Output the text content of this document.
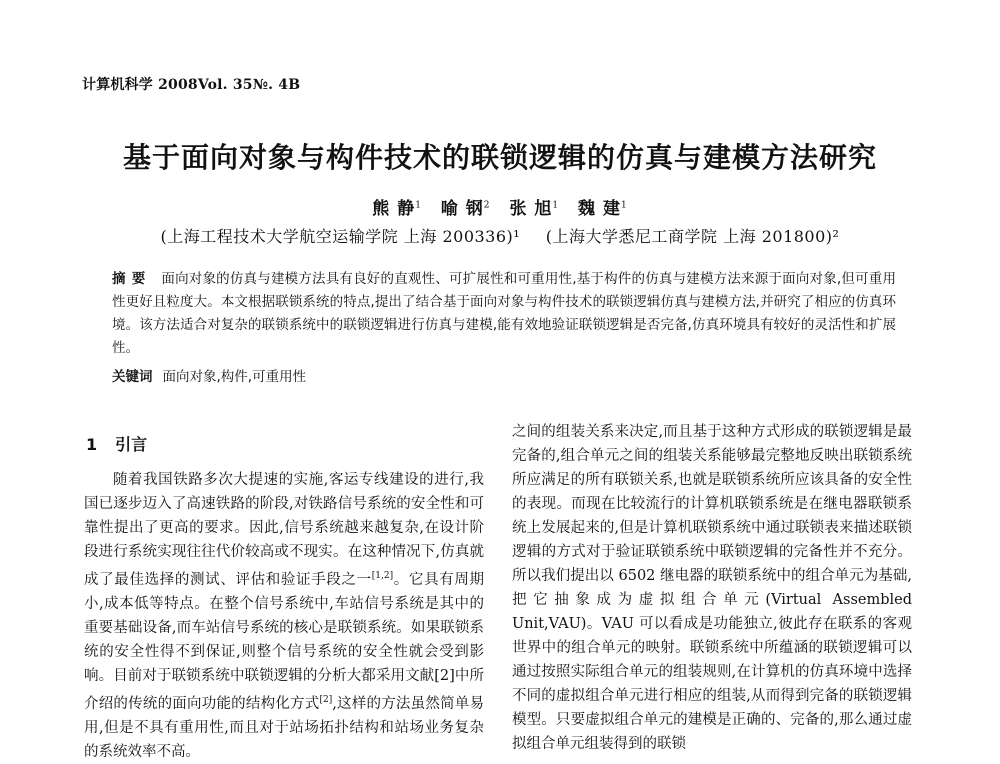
计算机科学 2008Vol. 35№. 4B
基于面向对象与构件技术的联锁逻辑的仿真与建模方法研究
熊 静$^1$ 喻 钢$^2$ 张 旭$^1$ 魏 建$^1$
(上海工程技术大学航空运输学院 上海 200336)¹ (上海大学悉尼工商学院 上海 201800)²
摘要 面向对象的仿真与建模方法具有良好的直观性、可扩展性和可重用性,基于构件的仿真与建模方法来源于面向对象,但可重用性更好且粒度大。本文根据联锁系统的特点,提出了结合基于面向对象与构件技术的联锁逻辑仿真与建模方法,并研究了相应的仿真环境。该方法适合对复杂的联锁系统中的联锁逻辑进行仿真与建模,能有效地验证联锁逻辑是否完备,仿真环境具有较好的灵活性和扩展性。
关键词 面向对象,构件,可重用性
1 引言

随着我国铁路多次大提速的实施,客运专线建设的进行,我国已逐步迈入了高速铁路的阶段,对铁路信号系统的安全性和可靠性提出了更高的要求。因此,信号系统越来越复杂,在设计阶段进行系统实现往往代价较高或不现实。在这种情况下,仿真就成了最佳选择的测试、评估和验证手段之一[1,2]。它具有周期小,成本低等特点。在整个信号系统中,车站信号系统是其中的重要基础设备,而车站信号系统的核心是联锁系统。如果联锁系统的安全性得不到保证,则整个信号系统的安全性就会受到影响。目前对于联锁系统中联锁逻辑的分析大都采用文献[2]中所介绍的传统的面向功能的结构化方式[2],这样的方法虽然简单易用,但是不具有重用性,而且对于站场拓扑结构和站场业务复杂的系统效率不高。

之间的组装关系来决定,而且基于这种方式形成的联锁逻辑是最完备的,组合单元之间的组装关系能够最完整地反映出联锁系统所应满足的所有联锁关系,也就是联锁系统所应该具备的安全性的表现。而现在比较流行的计算机联锁系统是在继电器联锁系统上发展起来的,但是计算机联锁系统中通过联锁表来描述联锁逻辑的方式对于验证联锁系统中联锁逻辑的完备性并不充分。所以我们提出以 6502 继电器的联锁系统中的组合单元为基础,把它抽象成为虚拟组合单元(Virtual Assembled Unit,VAU)。VAU 可以看成是功能独立,彼此存在联系的客观世界中的组合单元的映射。联锁系统中所蕴涵的联锁逻辑可以通过按照实际组合单元的组装规则,在计算机的仿真环境中选择不同的虚拟组合单元进行相应的组装,从而得到完备的联锁逻辑模型。只要虚拟组合单元的建模是正确的、完备的,那么通过虚拟组合单元组装得到的联锁
